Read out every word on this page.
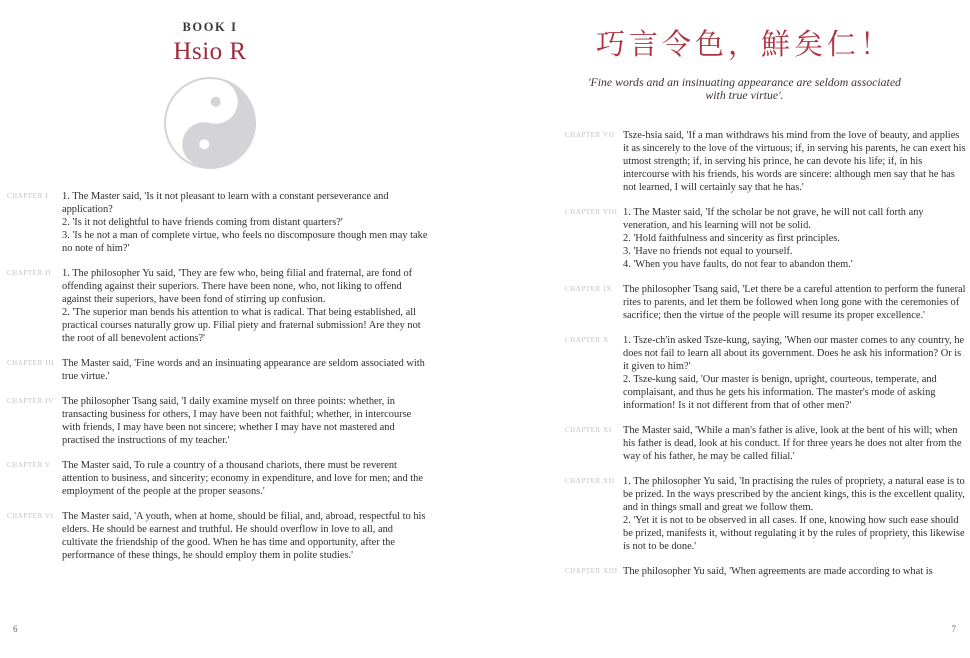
BOOK I
Hsio R
CHAPTER I	1. The Master said, 'Is it not pleasant to learn with a constant perseverance and application?
2. 'Is it not delightful to have friends coming from distant quarters?'
3. 'Is he not a man of complete virtue, who feels no discomposure though men may take no note of him?'
CHAPTER II	1. The philosopher Yu said, 'They are few who, being filial and fraternal, are fond of offending against their superiors. There have been none, who, not liking to offend against their superiors, have been fond of stirring up confusion.
2. 'The superior man bends his attention to what is radical. That being established, all practical courses naturally grow up. Filial piety and fraternal submission! Are they not the root of all benevolent actions?'
CHAPTER III The Master said, 'Fine words and an insinuating appearance are seldom associated with true virtue.'
CHAPTER IV The philosopher Tsang said, 'I daily examine myself on three points: whether, in transacting business for others, I may have been not faithful; whether, in intercourse with friends, I may have been not sincere; whether I may have not mastered and practised the instructions of my teacher.'
CHAPTER V	The Master said, To rule a country of a thousand chariots, there must be reverent attention to business, and sincerity; economy in expenditure, and love for men; and the employment of the people at the proper seasons.'
CHAPTER VI The Master said, 'A youth, when at home, should be filial, and, abroad, respectful to his elders. He should be earnest and truthful. He should overflow in love to all, and cultivate the friendship of the good. When he has time and opportunity, after the performance of these things, he should employ them in polite studies.'
6
巧言令色，鮮矣仁！
'Fine words and an insinuating appearance are seldom associated with true virtue'.
CHAPTER VII Tsze-hsia said, 'If a man withdraws his mind from the love of beauty, and applies it as sincerely to the love of the virtuous; if, in serving his parents, he can exert his utmost strength; if, in serving his prince, he can devote his life; if, in his intercourse with his friends, his words are sincere: although men say that he has not learned, I will certainly say that he has.'
CHAPTER VIII 1. The Master said, 'If the scholar be not grave, he will not call forth any veneration, and his learning will not be solid.
2. 'Hold faithfulness and sincerity as first principles.
3. 'Have no friends not equal to yourself.
4. 'When you have faults, do not fear to abandon them.'
CHAPTER IX	The philosopher Tsang said, 'Let there be a careful attention to perform the funeral rites to parents, and let them be followed when long gone with the ceremonies of sacrifice; then the virtue of the people will resume its proper excellence.'
CHAPTER X	1. Tsze-ch'in asked Tsze-kung, saying, 'When our master comes to any country, he does not fail to learn all about its government. Does he ask his information? Or is it given to him?'
2. Tsze-kung said, 'Our master is benign, upright, courteous, temperate, and complaisant, and thus he gets his information. The master's mode of asking information! Is it not different from that of other men?'
CHAPTER XI	The Master said, 'While a man's father is alive, look at the bent of his will; when his father is dead, look at his conduct. If for three years he does not alter from the way of his father, he may be called filial.'
CHAPTER XII 1. The philosopher Yu said, 'In practising the rules of propriety, a natural ease is to be prized. In the ways prescribed by the ancient kings, this is the excellent quality, and in things small and great we follow them.
2. 'Yet it is not to be observed in all cases. If one, knowing how such ease should be prized, manifests it, without regulating it by the rules of propriety, this likewise is not to be done.'
CHAPTER XIII The philosopher Yu said, 'When agreements are made according to what is
7
